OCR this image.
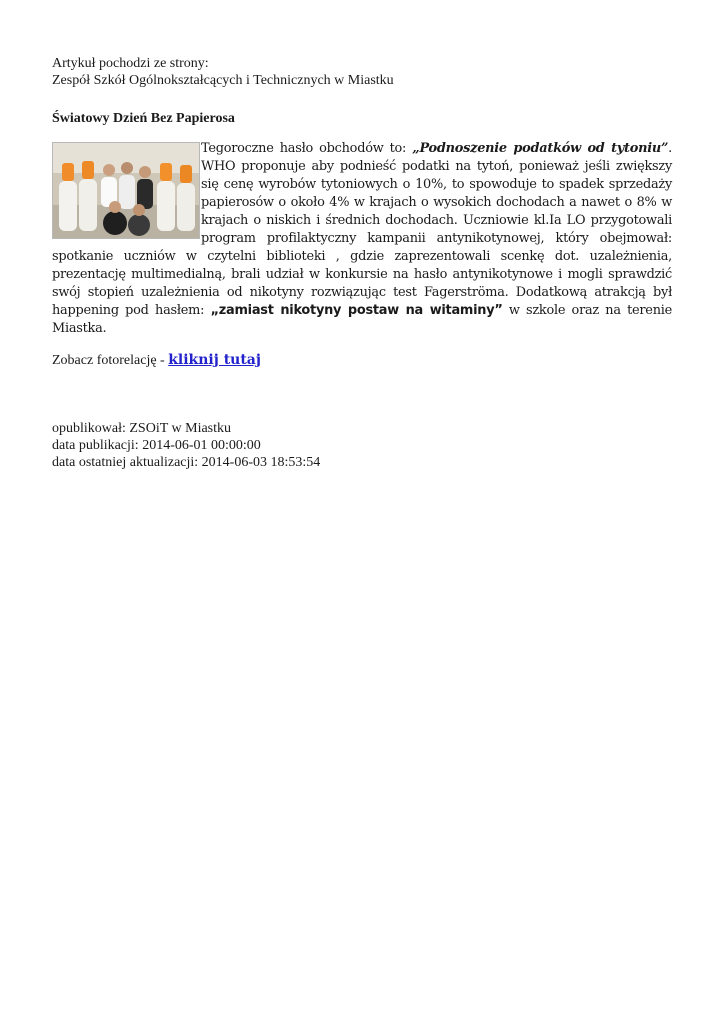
Artykuł pochodzi ze strony:
Zespół Szkół Ogólnokształcących i Technicznych w Miastku
Światowy Dzień Bez Papierosa
Tegoroczne hasło obchodów to: „Podnoszenie podatków od tytoniu”. WHO proponuje aby podnieść podatki na tytoń, ponieważ jeśli zwiększy się cenę wyrobów tytoniowych o 10%, to spowoduje to spadek sprzedaży papierosów o około 4% w krajach o wysokich dochodach a nawet o 8% w krajach o niskich i średnich dochodach. Uczniowie kl.Ia LO przygotowali program profilaktyczny kampanii antynikotynowej, który obejmował: spotkanie uczniów w czytelni biblioteki , gdzie zaprezentowali scenkę dot. uzależnienia, prezentację multimedialną, brali udział w konkursie na hasło antynikotynowe i mogli sprawdzić swój stopień uzależnienia od nikotyny rozwiązując test Fagerströma. Dodatkową atrakcją był happening pod hasłem: „zamiast nikotyny postaw na witaminy” w szkole oraz na terenie Miastka.
Zobacz fotorelację - kliknij tutaj
opublikował: ZSOiT w Miastku
data publikacji: 2014-06-01 00:00:00
data ostatniej aktualizacji: 2014-06-03 18:53:54
